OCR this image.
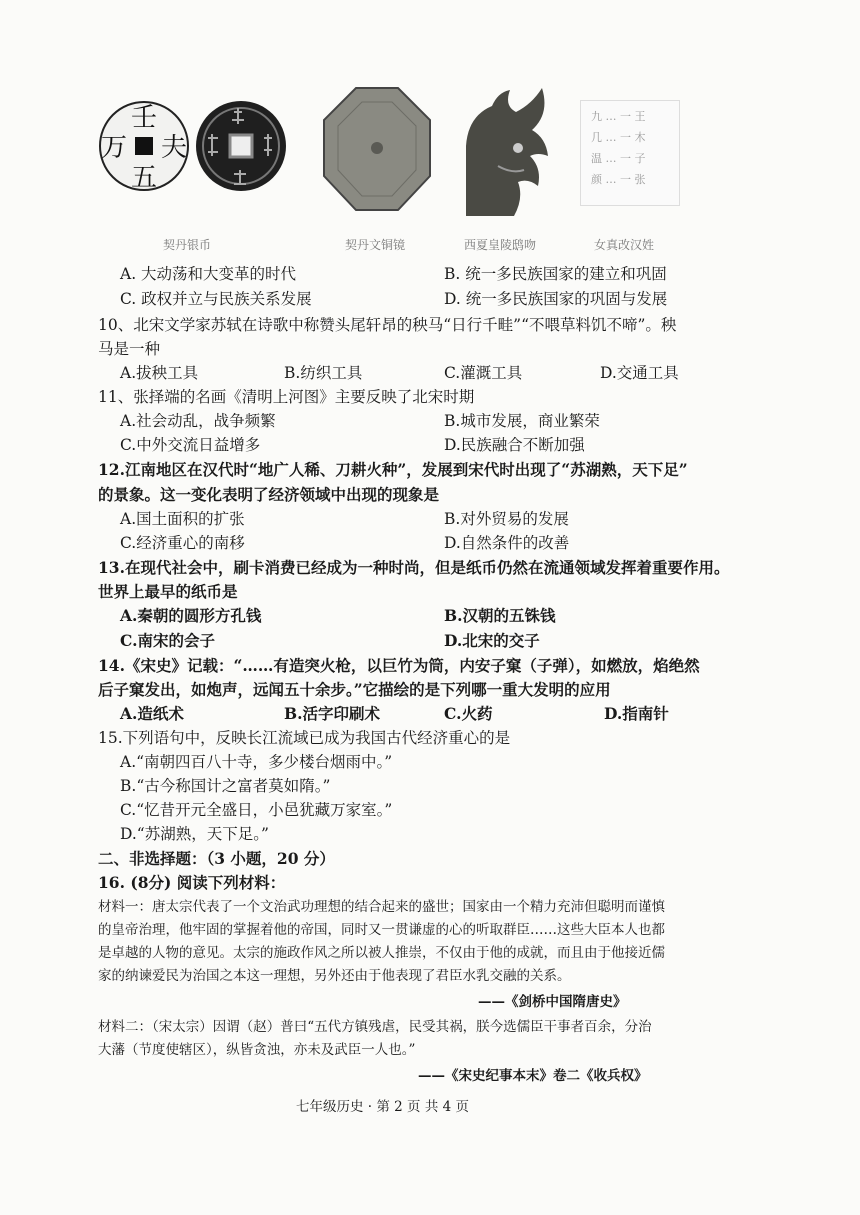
壬
夫
五
万
九 … 一 王
几 … 一 木
温 … 一 子
颜 … 一 张
契丹银币	契丹文铜镜	西夏皇陵鸱吻	女真改汉姓
A. 大动荡和大变革的时代	B. 统一多民族国家的建立和巩固
C. 政权并立与民族关系发展	D. 统一多民族国家的巩固与发展
10、北宋文学家苏轼在诗歌中称赞头尾轩昂的秧马“日行千畦”“不喂草料饥不啼”。秧
马是一种
A.拔秧工具	B.纺织工具	C.灌溉工具	D.交通工具
11、张择端的名画《清明上河图》主要反映了北宋时期
A.社会动乱，战争频繁	B.城市发展，商业繁荣
C.中外交流日益增多	D.民族融合不断加强
12.江南地区在汉代时“地广人稀、刀耕火种”，发展到宋代时出现了“苏湖熟，天下足”
的景象。这一变化表明了经济领域中出现的现象是
A.国土面积的扩张	B.对外贸易的发展
C.经济重心的南移	D.自然条件的改善
13.在现代社会中，刷卡消费已经成为一种时尚，但是纸币仍然在流通领域发挥着重要作用。
世界上最早的纸币是
A.秦朝的圆形方孔钱	B.汉朝的五铢钱
C.南宋的会子	D.北宋的交子
14.《宋史》记载：“……有造突火枪，以巨竹为筒，内安子窠（子弹），如燃放，焰绝然
后子窠发出，如炮声，远闻五十余步。”它描绘的是下列哪一重大发明的应用
A.造纸术	B.活字印刷术	C.火药	D.指南针
15.下列语句中，反映长江流域已成为我国古代经济重心的是
A.“南朝四百八十寺，多少楼台烟雨中。”
B.“古今称国计之富者莫如隋。”
C.“忆昔开元全盛日，小邑犹藏万家室。”
D.“苏湖熟，天下足。”
二、非选择题：（3 小题，20 分）
16. (8分) 阅读下列材料：
材料一：唐太宗代表了一个文治武功理想的结合起来的盛世；国家由一个精力充沛但聪明而谨慎
的皇帝治理，他牢固的掌握着他的帝国，同时又一贯谦虚的心的听取群臣……这些大臣本人也都
是卓越的人物的意见。太宗的施政作风之所以被人推崇，不仅由于他的成就，而且由于他接近儒
家的纳谏爱民为治国之本这一理想，另外还由于他表现了君臣水乳交融的关系。
——《剑桥中国隋唐史》
材料二：（宋太宗）因谓（赵）普曰“五代方镇残虐，民受其祸，朕今选儒臣干事者百余，分治
大藩（节度使辖区），纵皆贪浊，亦未及武臣一人也。”
——《宋史纪事本末》卷二《收兵权》
七年级历史 · 第 2 页 共 4 页
